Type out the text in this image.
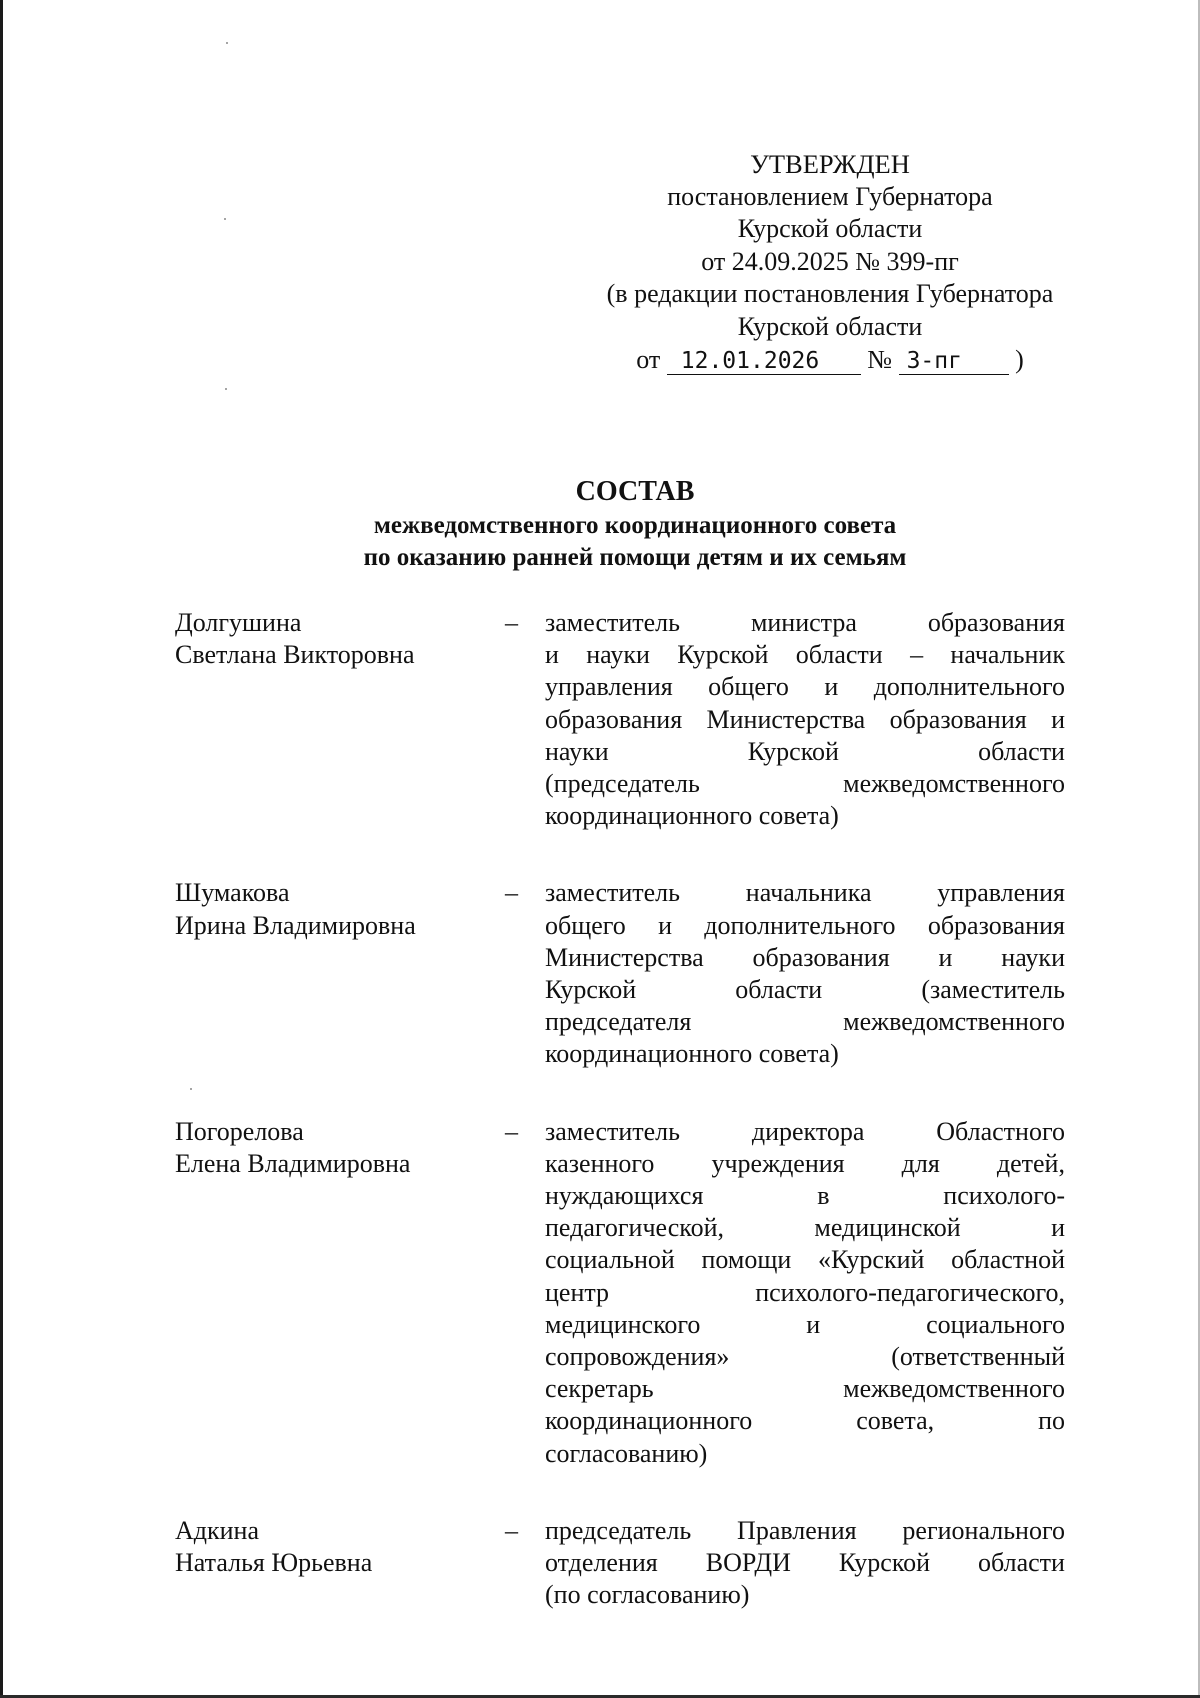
УТВЕРЖДЕН
постановлением Губернатора
Курской области
от 24.09.2025 № 399-пг
(в редакции постановления Губернатора
Курской области
от 12.01.2026 № 3-пг )
СОСТАВ
межведомственного координационного совета
по оказанию ранней помощи детям и их семьям
Долгушина
Светлана Викторовна
–	заместитель	министра	образования
и науки Курской области – начальник
управления общего и дополнительного
образования Министерства образования и
науки	Курской	области
(председатель	межведомственного
координационного совета)
Шумакова
Ирина Владимировна
–	заместитель	начальника	управления
общего и дополнительного образования
Министерства образования и науки
Курской	области	(заместитель
председателя	межведомственного
координационного совета)
Погорелова
Елена Владимировна
–	заместитель	директора	Областного
казенного учреждения для детей,
нуждающихся	в	психолого-
педагогической,	медицинской	и
социальной помощи «Курский областной
центр	психолого-педагогического,
медицинского	и	социального
сопровождения»	(ответственный
секретарь	межведомственного
координационного	совета,	по
согласованию)
Адкина
Наталья Юрьевна
–	председатель Правления регионального
отделения ВОРДИ Курской области
(по согласованию)
